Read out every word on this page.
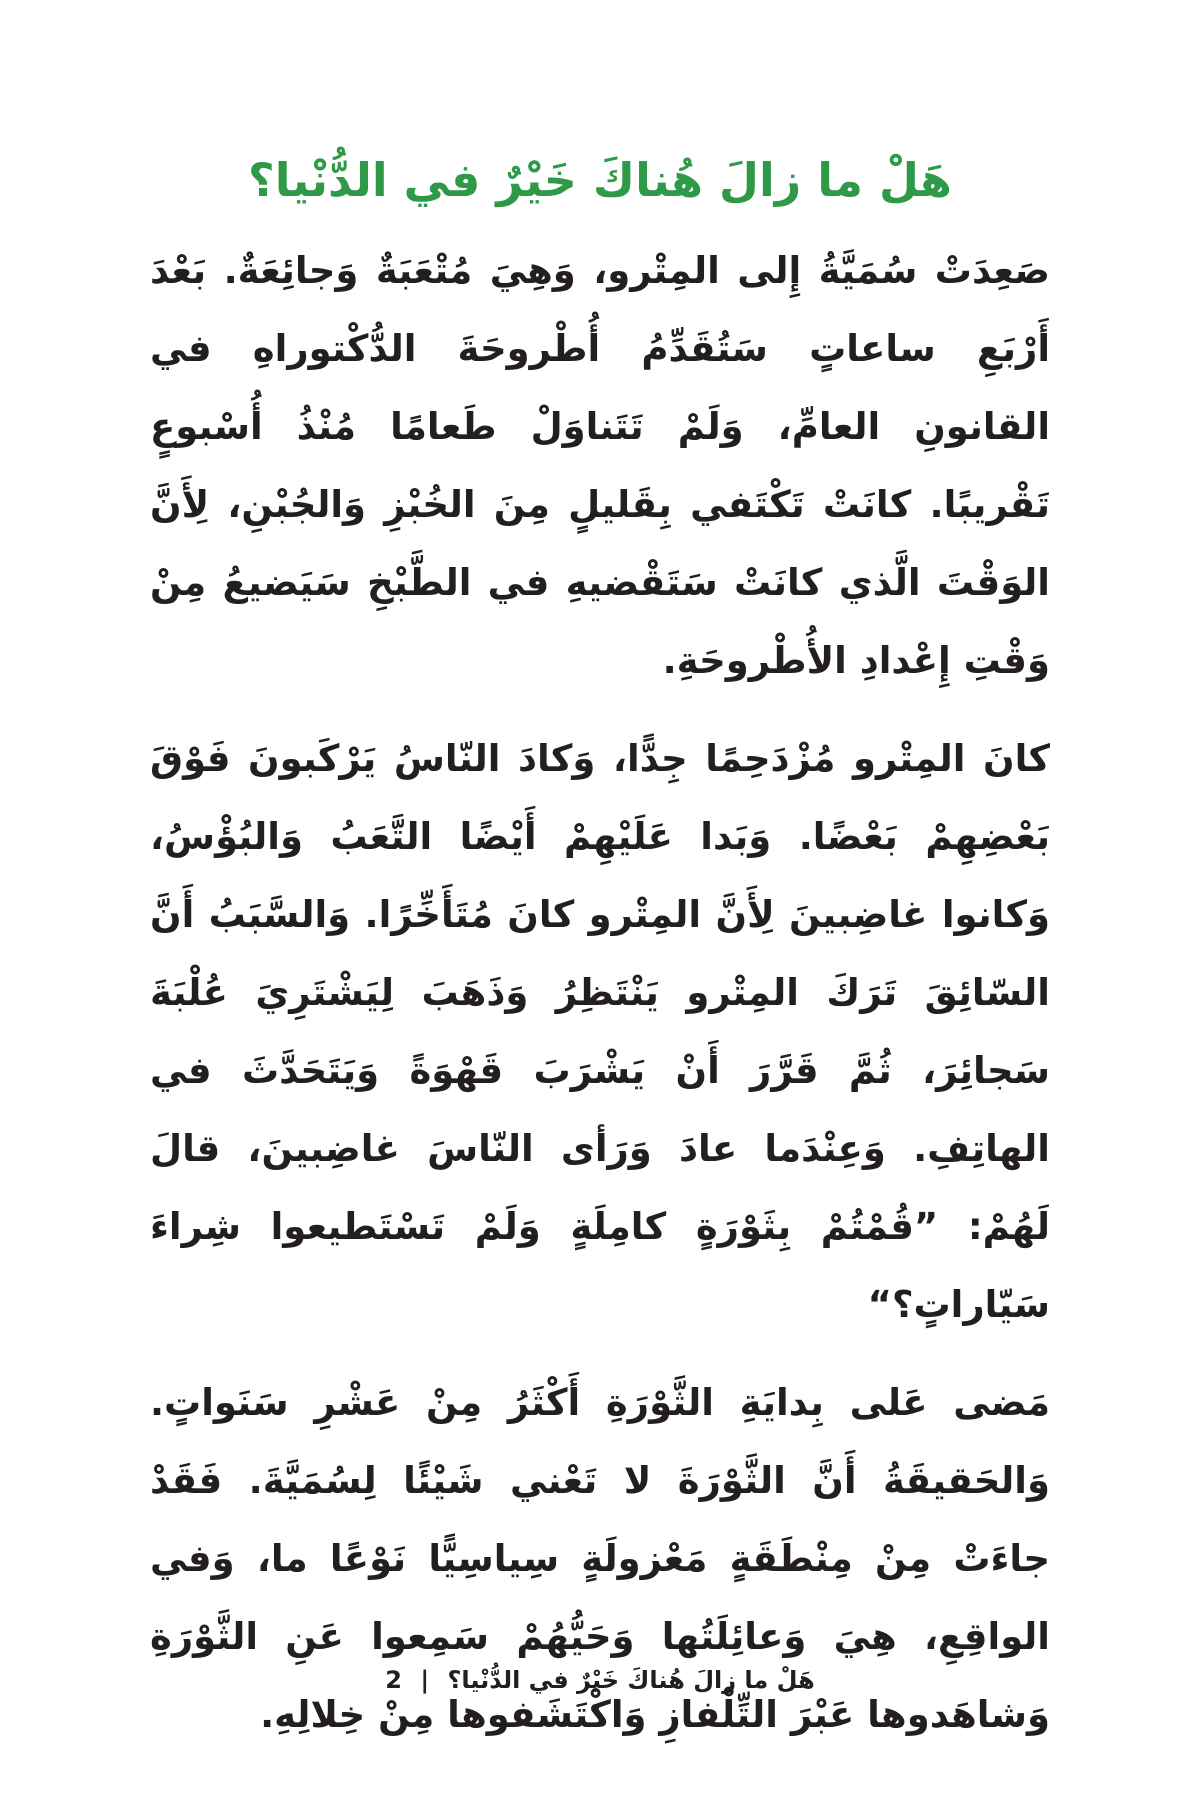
هَلْ ما زالَ هُناكَ خَيْرٌ في الدُّنْيا؟

صَعِدَتْ سُمَيَّةُ إِلى المِتْرو، وَهِيَ مُتْعَبَةٌ وَجائِعَةٌ. بَعْدَ أَرْبَعِ ساعاتٍ سَتُقَدِّمُ أُطْروحَةَ الدُّكْتوراهِ في القانونِ العامِّ، وَلَمْ تَتَناوَلْ طَعامًا مُنْذُ أُسْبوعٍ تَقْريبًا. كانَتْ تَكْتَفي بِقَليلٍ مِنَ الخُبْزِ وَالجُبْنِ، لِأَنَّ الوَقْتَ الَّذي كانَتْ سَتَقْضيهِ في الطَّبْخِ سَيَضيعُ مِنْ وَقْتِ إِعْدادِ الأُطْروحَةِ.

كانَ المِتْرو مُزْدَحِمًا جِدًّا، وَكادَ النّاسُ يَرْكَبونَ فَوْقَ بَعْضِهِمْ بَعْضًا. وَبَدا عَلَيْهِمْ أَيْضًا التَّعَبُ وَالبُؤْسُ، وَكانوا غاضِبينَ لِأَنَّ المِتْرو كانَ مُتَأَخِّرًا. وَالسَّبَبُ أَنَّ السّائِقَ تَرَكَ المِتْرو يَنْتَظِرُ وَذَهَبَ لِيَشْتَرِيَ عُلْبَةَ سَجائِرَ، ثُمَّ قَرَّرَ أَنْ يَشْرَبَ قَهْوَةً وَيَتَحَدَّثَ في الهاتِفِ. وَعِنْدَما عادَ وَرَأى النّاسَ غاضِبينَ، قالَ لَهُمْ: ”قُمْتُمْ بِثَوْرَةٍ كامِلَةٍ وَلَمْ تَسْتَطيعوا شِراءَ سَيّاراتٍ؟“

مَضى عَلى بِدايَةِ الثَّوْرَةِ أَكْثَرُ مِنْ عَشْرِ سَنَواتٍ. وَالحَقيقَةُ أَنَّ الثَّوْرَةَ لا تَعْني شَيْئًا لِسُمَيَّةَ. فَقَدْ جاءَتْ مِنْ مِنْطَقَةٍ مَعْزولَةٍ سِياسِيًّا نَوْعًا ما، وَفي الواقِعِ، هِيَ وَعائِلَتُها وَحَيُّهُمْ سَمِعوا عَنِ الثَّوْرَةِ وَشاهَدوها عَبْرَ التِّلْفازِ وَاكْتَشَفوها مِنْ خِلالِهِ.

هَلْ ما زالَ هُناكَ خَيْرٌ في الدُّنْيا؟ | 2
